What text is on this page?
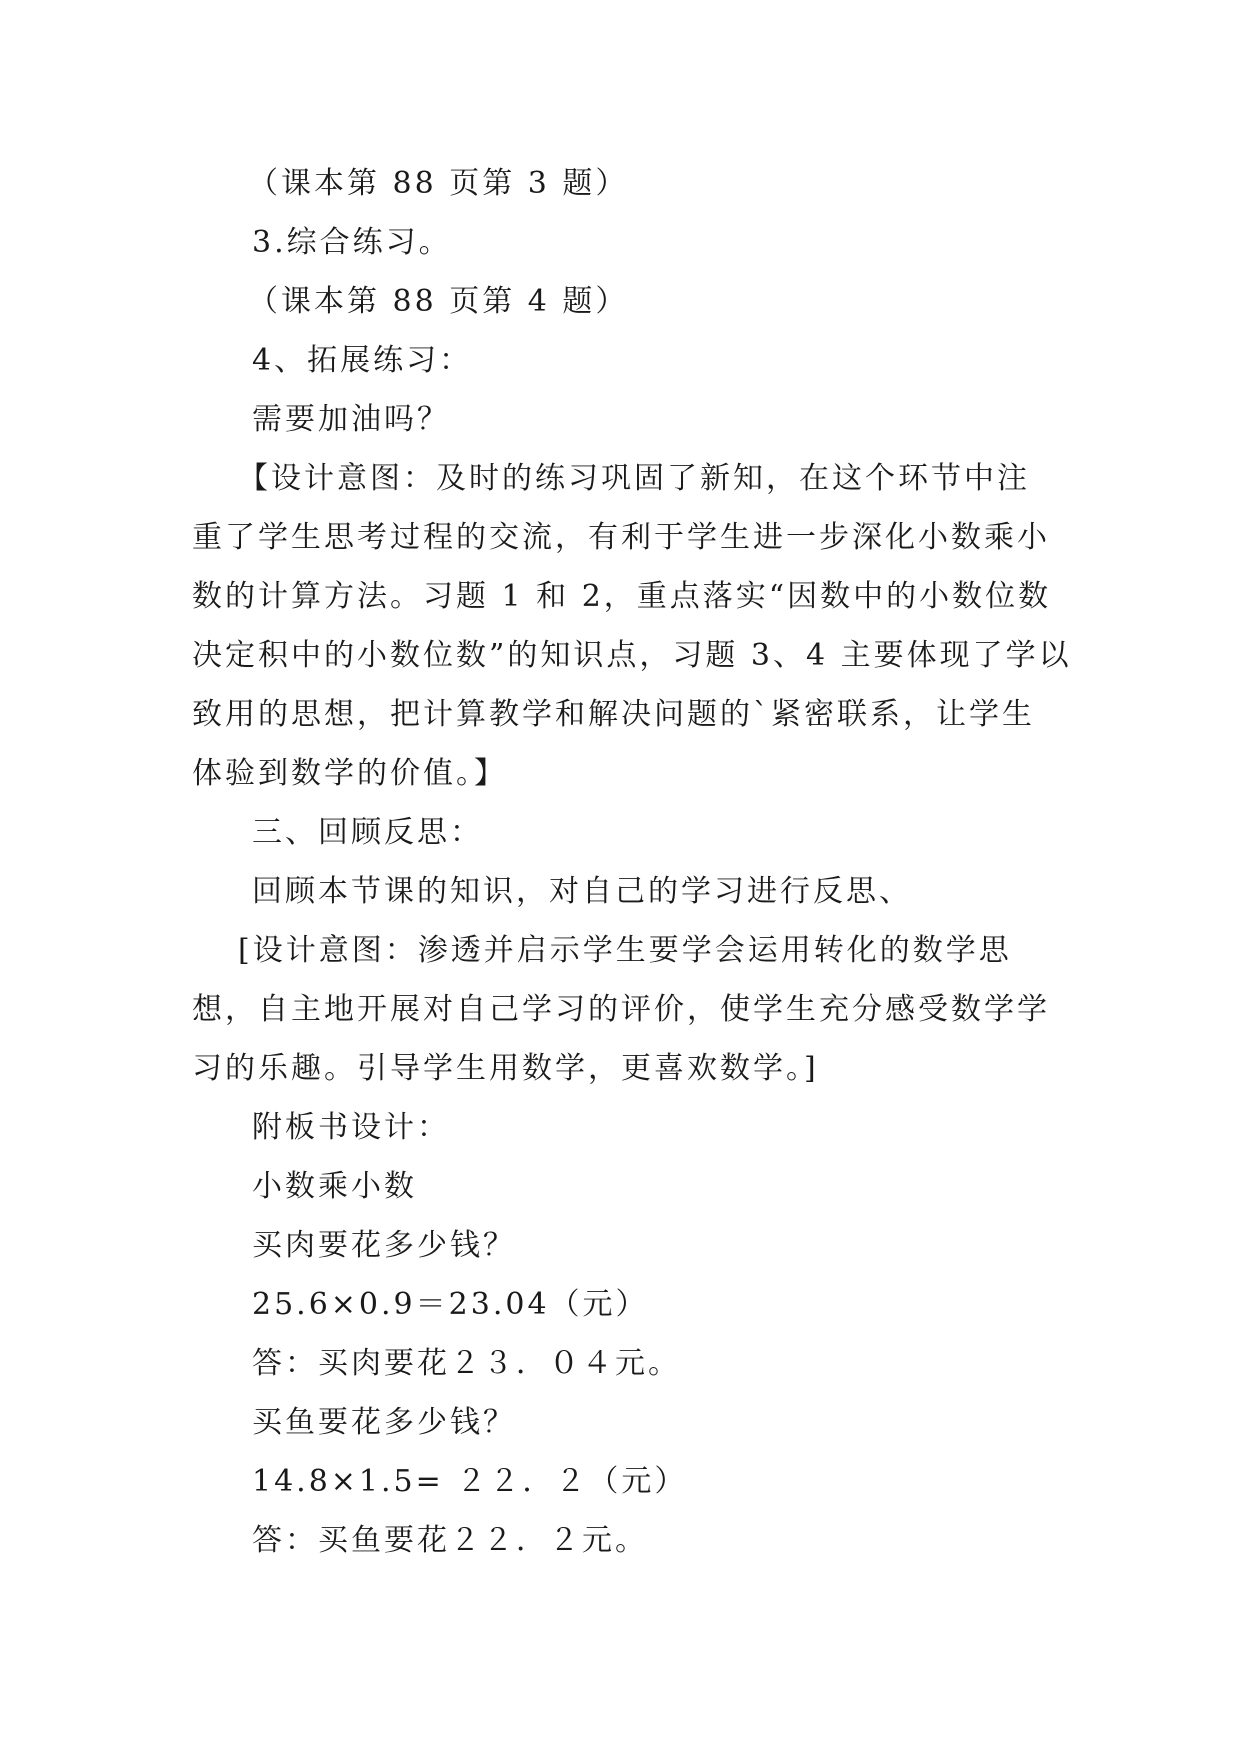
（课本第 88 页第 3 题）
3.综合练习。
（课本第 88 页第 4 题）
4、拓展练习：
需要加油吗？
【设计意图：及时的练习巩固了新知，在这个环节中注
重了学生思考过程的交流，有利于学生进一步深化小数乘小
数的计算方法。习题 1 和 2，重点落实“因数中的小数位数
决定积中的小数位数”的知识点，习题 3、4 主要体现了学以
致用的思想，把计算教学和解决问题的`紧密联系，让学生
体验到数学的价值。】
三、回顾反思：
回顾本节课的知识，对自己的学习进行反思、
[设计意图：渗透并启示学生要学会运用转化的数学思
想，自主地开展对自己学习的评价，使学生充分感受数学学
习的乐趣。引导学生用数学，更喜欢数学。]
附板书设计：
小数乘小数
买肉要花多少钱？
25.6×0.9＝23.04（元）
答：买肉要花２３．０４元。
买鱼要花多少钱？
14.8×1.5= ２２．２（元）
答：买鱼要花２２．２元。
